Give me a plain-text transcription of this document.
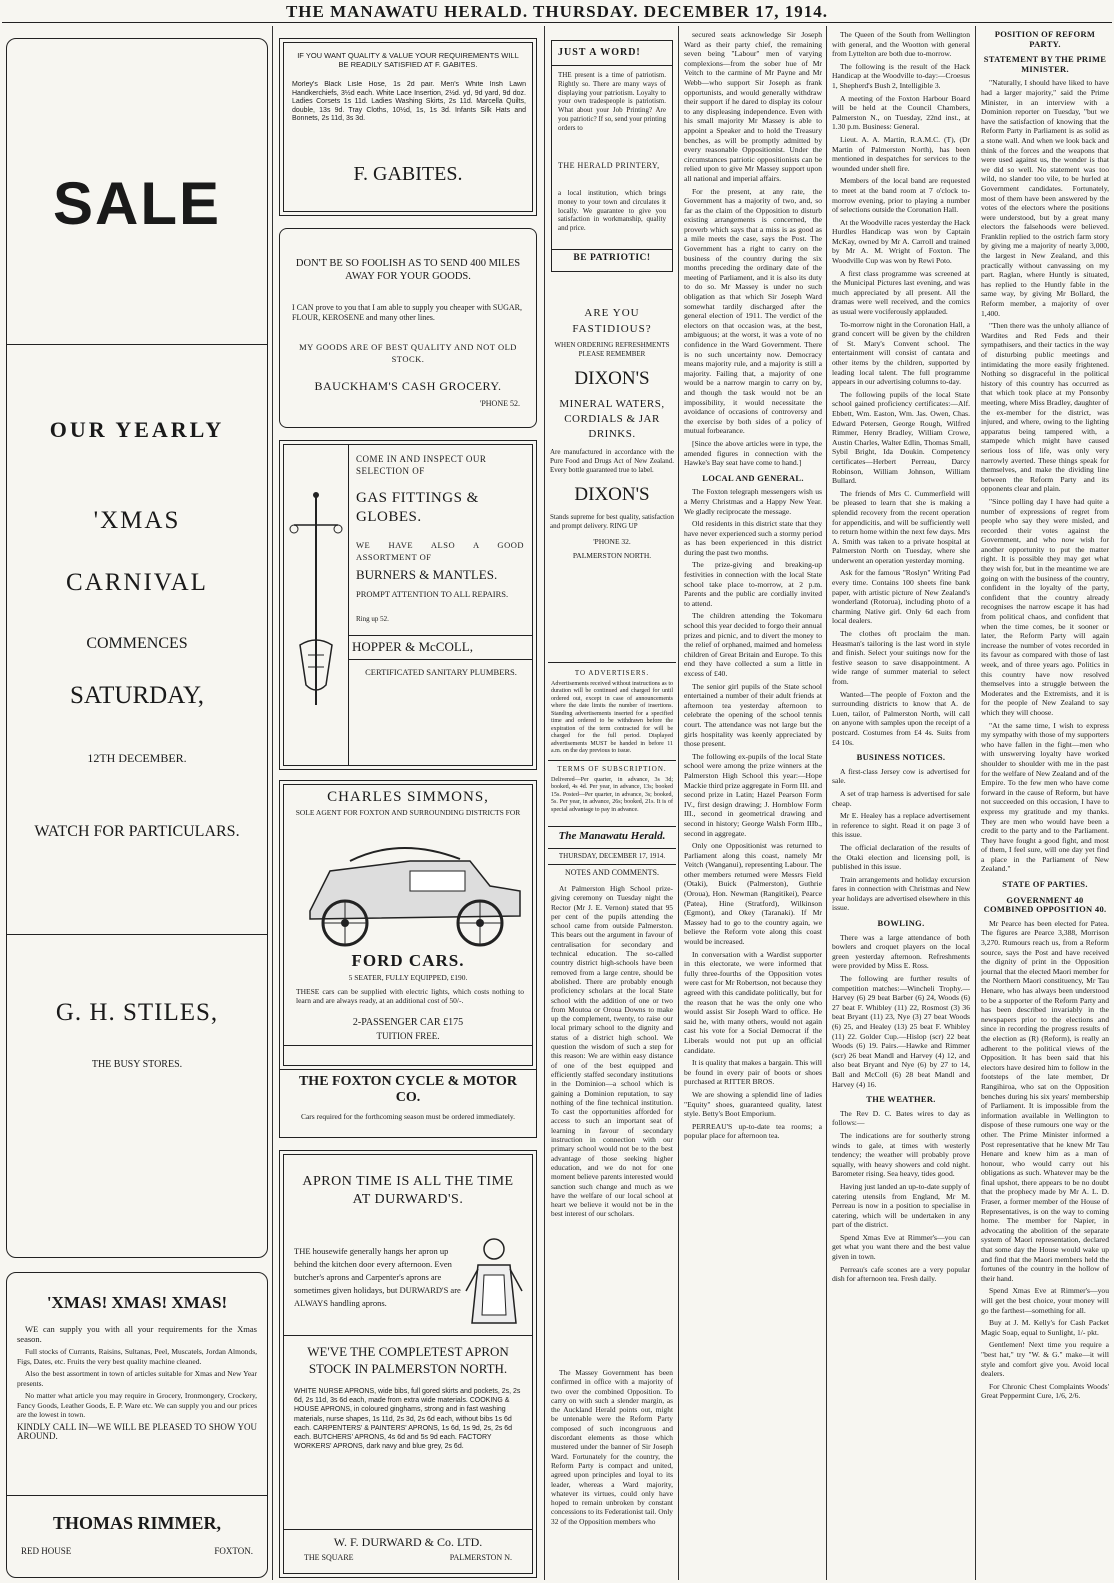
THE MANAWATU HERALD. THURSDAY. DECEMBER 17, 1914.
SALE
OUR YEARLY
'XMAS
CARNIVAL
COMMENCES
SATURDAY,
12TH DECEMBER.
WATCH FOR PARTICULARS.
G. H. STILES,
THE BUSY STORES.
'XMAS! XMAS! XMAS!

WE can supply you with all your requirements for the Xmas season.

Full stocks of Currants, Raisins, Sultanas, Peel, Muscatels, Jordan Almonds, Figs, Dates, etc. Fruits the very best quality machine cleaned.

Also the best assortment in town of articles suitable for Xmas and New Year presents.

No matter what article you may require in Grocery, Ironmongery, Crockery, Fancy Goods, Leather Goods, E. P. Ware etc. We can supply you and our prices are the lowest in town.

KINDLY CALL IN—WE WILL BE PLEASED TO SHOW YOU AROUND.

THOMAS RIMMER,
RED HOUSE	FOXTON.
IF YOU WANT QUALITY & VALUE YOUR REQUIREMENTS WILL BE READILY SATISFIED AT F. GABITES.
Morley's Black Lisle Hose, 1s 2d pair. Men's White Irish Lawn Handkerchiefs, 3½d each. White Lace Insertion, 2½d. yd, 9d yard, 9d doz. Ladies Corsets 1s 11d. Ladies Washing Skirts, 2s 11d. Marcella Quilts, double, 13s 9d. Tray Cloths, 10½d, 1s, 1s 3d. Infants Silk Hats and Bonnets, 2s 11d, 3s 3d.
F. GABITES.
DON'T BE SO FOOLISH AS TO SEND 400 MILES AWAY FOR YOUR GOODS.
I CAN prove to you that I am able to supply you cheaper with SUGAR, FLOUR, KEROSENE and many other lines.
MY GOODS ARE OF BEST QUALITY AND NOT OLD STOCK.
BAUCKHAM'S CASH GROCERY.
'PHONE 52.
COME IN AND INSPECT OUR SELECTION OF
GAS FITTINGS & GLOBES.
WE HAVE ALSO A GOOD ASSORTMENT OF
BURNERS & MANTLES.
PROMPT ATTENTION TO ALL REPAIRS.
Ring up 52.
HOPPER & McCOLL,
CERTIFICATED SANITARY PLUMBERS.
CHARLES SIMMONS,
SOLE AGENT FOR FOXTON AND SURROUNDING DISTRICTS FOR
FORD CARS.
5 SEATER, FULLY EQUIPPED, £190.
THESE cars can be supplied with electric lights, which costs nothing to learn and are always ready, at an additional cost of 50/-.
2-PASSENGER CAR £175
TUITION FREE.
THE FOXTON CYCLE & MOTOR CO.
Cars required for the forthcoming season must be ordered immediately.
APRON TIME IS ALL THE TIME AT DURWARD'S.
THE housewife generally hangs her apron up behind the kitchen door every afternoon. Even butcher's aprons and Carpenter's aprons are sometimes given holidays, but DURWARD'S are ALWAYS handling aprons.
WE'VE THE COMPLETEST APRON STOCK IN PALMERSTON NORTH.
WHITE NURSE APRONS, wide bibs, full gored skirts and pockets, 2s, 2s 6d, 2s 11d, 3s 6d each, made from extra wide materials. COOKING & HOUSE APRONS, in coloured ginghams, strong and in fast washing materials, nurse shapes, 1s 11d, 2s 3d, 2s 6d each, without bibs 1s 6d each. CARPENTERS' & PAINTERS' APRONS, 1s 6d, 1s 9d, 2s, 2s 6d each. BUTCHERS' APRONS, 4s 6d and 5s 9d each. FACTORY WORKERS' APRONS, dark navy and blue grey, 2s 6d.
W. F. DURWARD & Co. LTD.
THE SQUARE	PALMERSTON N.
JUST A WORD!
THE present is a time of patriotism. Rightly so. There are many ways of displaying your patriotism. Loyalty to your own tradespeople is patriotism. What about your Job Printing? Are you patriotic? If so, send your printing orders to
THE HERALD PRINTERY,
a local institution, which brings money to your town and circulates it locally. We guarantee to give you satisfaction in workmanship, quality and price.
BE PATRIOTIC!
ARE YOU FASTIDIOUS?
WHEN ORDERING REFRESHMENTS PLEASE REMEMBER
DIXON'S
MINERAL WATERS, CORDIALS & JAR DRINKS.
Are manufactured in accordance with the Pure Food and Drugs Act of New Zealand. Every bottle guaranteed true to label.
DIXON'S
Stands supreme for best quality, satisfaction and prompt delivery. RING UP
'PHONE 32.
PALMERSTON NORTH.
TO ADVERTISERS.
Advertisements received without instructions as to duration will be continued and charged for until ordered out, except in case of announcements where the date limits the number of insertions. Standing advertisements inserted for a specified time and ordered to be withdrawn before the expiration of the term contracted for will be charged for the full period. Displayed advertisements MUST be handed in before 11 a.m. on the day previous to issue.
TERMS OF SUBSCRIPTION.
Delivered—Per quarter, in advance, 3s 3d; booked, 4s 4d. Per year, in advance, 13s; booked 15s. Posted—Per quarter, in advance, 3s; booked, 5s. Per year, in advance, 26s; booked, 21s. It is of special advantage to pay in advance.
The Manawatu Herald.
THURSDAY, DECEMBER 17, 1914.
NOTES AND COMMENTS.

At Palmerston High School prize-giving ceremony on Tuesday night the Rector (Mr J. E. Vernon) stated that 95 per cent of the pupils attending the school came from outside Palmerston. This bears out the argument in favour of centralisation for secondary and technical education. The so-called country district high-schools have been removed from a large centre, should be abolished. There are probably enough proficiency scholars at the local State school with the addition of one or two from Moutoa or Oroua Downs to make up the complement, twenty, to raise our local primary school to the dignity and status of a district high school. We question the wisdom of such a step for this reason: We are within easy distance of one of the best equipped and efficiently staffed secondary institutions in the Dominion—a school which is gaining a Dominion reputation, to say nothing of the fine technical institution. To cast the opportunities afforded for access to such an important seat of learning in favour of secondary instruction in connection with our primary school would not be to the best advantage of those seeking higher education, and we do not for one moment believe parents interested would sanction such change and much as we have the welfare of our local school at heart we believe it would not be in the best interest of our scholars.

The Massey Government has been confirmed in office with a majority of two over the combined Opposition. To carry on with such a slender margin, as the Auckland Herald points out, might be untenable were the Reform Party composed of such incongruous and discordant elements as those which mustered under the banner of Sir Joseph Ward. Fortunately for the country, the Reform Party is compact and united, agreed upon principles and loyal to its leader, whereas a Ward majority, whatever its virtues, could only have hoped to remain unbroken by constant concessions to its Federationist tail. Only 32 of the Opposition members who

secured seats acknowledge Sir Joseph Ward as their party chief, the remaining seven being "Labour" men of varying complexions—from the sober hue of Mr Veitch to the carmine of Mr Payne and Mr Webb—who support Sir Joseph as frank opportunists, and would generally withdraw their support if he dared to display its colour to any displeasing independence. Even with his small majority Mr Massey is able to appoint a Speaker and to hold the Treasury benches, as will be promptly admitted by every reasonable Oppositionist. Under the circumstances patriotic oppositionists can be relied upon to give Mr Massey support upon all national and imperial affairs.

For the present, at any rate, the Government has a majority of two, and, so far as the claim of the Opposition to disturb existing arrangements is concerned, the proverb which says that a miss is as good as a mile meets the case, says the Post. The Government has a right to carry on the business of the country during the six months preceding the ordinary date of the meeting of Parliament, and it is also its duty to do so. Mr Massey is under no such obligation as that which Sir Joseph Ward somewhat tardily discharged after the general election of 1911. The verdict of the electors on that occasion was, at the best, ambiguous; at the worst, it was a vote of no confidence in the Ward Government. There is no such uncertainty now. Democracy means majority rule, and a majority is still a majority. Failing that, a majority of one would be a narrow margin to carry on by, and though the task would not be an impossibility, it would necessitate the avoidance of occasions of controversy and the exercise by both sides of a policy of mutual forbearance.

[Since the above articles were in type, the amended figures in connection with the Hawke's Bay seat have come to hand.]

LOCAL AND GENERAL.

The Foxton telegraph messengers wish us a Merry Christmas and a Happy New Year. We gladly reciprocate the message.

Old residents in this district state that they have never experienced such a stormy period as has been experienced in this district during the past two months.

The prize-giving and breaking-up festivities in connection with the local State school take place to-morrow, at 2 p.m. Parents and the public are cordially invited to attend.

The children attending the Tokomaru school this year decided to forgo their annual prizes and picnic, and to divert the money to the relief of orphaned, maimed and homeless children of Great Britain and Europe. To this end they have collected a sum a little in excess of £40.

The senior girl pupils of the State school entertained a number of their adult friends at afternoon tea yesterday afternoon to celebrate the opening of the school tennis court. The attendance was not large but the girls hospitality was keenly appreciated by those present.

The following ex-pupils of the local State school were among the prize winners at the Palmerston High School this year:—Hope Mackie third prize aggregate in Form III. and second prize in Latin; Hazel Pearson Form IV., first design drawing; J. Hornblow Form III., second in geometrical drawing and second in history; George Walsh Form IIIb., second in aggregate.

Only one Oppositionist was returned to Parliament along this coast, namely Mr Veitch (Wanganui), representing Labour. The other members returned were Messrs Field (Otaki), Buick (Palmerston), Guthrie (Oroua), Hon. Newman (Rangitikei), Pearce (Patea), Hine (Stratford), Wilkinson (Egmont), and Okey (Taranaki). If Mr Massey had to go to the country again, we believe the Reform vote along this coast would be increased.

In conversation with a Wardist supporter in this electorate, we were informed that fully three-fourths of the Opposition votes were cast for Mr Robertson, not because they agreed with this candidate politically, but for the reason that he was the only one who would assist Sir Joseph Ward to office. He said he, with many others, would not again cast his vote for a Social Democrat if the Liberals would not put up an official candidate.

It is quality that makes a bargain. This will be found in every pair of boots or shoes purchased at RITTER BROS.

We are showing a splendid line of ladies "Equity" shoes, guaranteed quality, latest style. Betty's Boot Emporium.

PERREAU'S up-to-date tea rooms; a popular place for afternoon tea.

The Queen of the South from Wellington with general, and the Wootton with general from Lyttelton are both due to-morrow.

The following is the result of the Hack Handicap at the Woodville to-day:—Croesus 1, Shepherd's Bush 2, Intelligible 3.

A meeting of the Foxton Harbour Board will be held at the Council Chambers, Palmerston N., on Tuesday, 22nd inst., at 1.30 p.m. Business: General.

Lieut. A. A. Martin, R.A.M.C. (T), (Dr Martin of Palmerston North), has been mentioned in despatches for services to the wounded under shell fire.

Members of the local band are requested to meet at the band room at 7 o'clock to-morrow evening, prior to playing a number of selections outside the Coronation Hall.

At the Woodville races yesterday the Hack Hurdles Handicap was won by Captain McKay, owned by Mr A. Carroll and trained by Mr A. M. Wright of Foxton. The Woodville Cup was won by Rewi Poto.

A first class programme was screened at the Municipal Pictures last evening, and was much appreciated by all present. All the dramas were well received, and the comics as usual were vociferously applauded.

To-morrow night in the Coronation Hall, a grand concert will be given by the children of St. Mary's Convent school. The entertainment will consist of cantata and other items by the children, supported by leading local talent. The full programme appears in our advertising columns to-day.

The following pupils of the local State school gained proficiency certificates:—Alf. Ebbett, Wm. Easton, Wm. Jas. Owen, Chas. Edward Petersen, George Rough, Wilfred Rimmer, Henry Bradley, William Crowe, Austin Charles, Walter Edlin, Thomas Small, Sybil Bright, Ida Doukin. Competency certificates—Herbert Perreau, Darcy Robinson, William Johnson, William Bullard.

The friends of Mrs C. Cummerfield will be pleased to learn that she is making a splendid recovery from the recent operation for appendicitis, and will be sufficiently well to return home within the next few days. Mrs A. Smith was taken to a private hospital at Palmerston North on Tuesday, where she underwent an operation yesterday morning.

Ask for the famous "Roslyn" Writing Pad every time. Contains 100 sheets fine bank paper, with artistic picture of New Zealand's wonderland (Rotorua), including photo of a charming Native girl. Only 6d each from local dealers.

The clothes oft proclaim the man. Heasman's tailoring is the last word in style and finish. Select your suitings now for the festive season to save disappointment. A wide range of summer material to select from.

Wanted—The people of Foxton and the surrounding districts to know that A. de Luen, tailor, of Palmerston North, will call on anyone with samples upon the receipt of a postcard. Costumes from £4 4s. Suits from £4 10s.

BUSINESS NOTICES.

A first-class Jersey cow is advertised for sale.

A set of trap harness is advertised for sale cheap.

Mr E. Healey has a replace advertisement in reference to sight. Read it on page 3 of this issue.

The official declaration of the results of the Otaki election and licensing poll, is published in this issue.

Train arrangements and holiday excursion fares in connection with Christmas and New year holidays are advertised elsewhere in this issue.

BOWLING.

There was a large attendance of both bowlers and croquet players on the local green yesterday afternoon. Refreshments were provided by Miss E. Ross.

The following are further results of competition matches:—Wincheli Trophy.—Harvey (6) 29 beat Barber (6) 24, Woods (6) 27 beat F. Whibley (11) 22, Rosmost (3) 36 beat Bryant (11) 23, Nye (3) 27 beat Woods (6) 25, and Healey (13) 25 beat F. Whibley (11) 22. Golder Cup.—Hislop (scr) 22 beat Woods (6) 19. Pairs.—Hawke and Rimmer (scr) 26 beat Mandl and Harvey (4) 12, and also beat Bryant and Nye (6) by 27 to 14, Ball and McColl (6) 28 beat Mandl and Harvey (4) 16.

THE WEATHER.

The Rev D. C. Bates wires to day as follows:—

The indications are for southerly strong winds to gale, at times with westerly tendency; the weather will probably prove squally, with heavy showers and cold night. Barometer rising. Sea heavy, tides good.

Having just landed an up-to-date supply of catering utensils from England, Mr M. Perreau is now in a position to specialise in catering, which will be undertaken in any part of the district.

Spend Xmas Eve at Rimmer's—you can get what you want there and the best value given in town.

Perreau's cafe scones are a very popular dish for afternoon tea. Fresh daily.

POSITION OF REFORM PARTY.
STATEMENT BY THE PRIME MINISTER.

"Naturally, I should have liked to have had a larger majority," said the Prime Minister, in an interview with a Dominion reporter on Tuesday, "but we have the satisfaction of knowing that the Reform Party in Parliament is as solid as a stone wall. And when we look back and think of the forces and the weapons that were used against us, the wonder is that we did so well. No statement was too wild, no slander too vile, to be hurled at Government candidates. Fortunately, most of them have been answered by the votes of the electors where the positions were understood, but by a great many electors the falsehoods were believed. Franklin replied to the ostrich farm story by giving me a majority of nearly 3,000, the largest in New Zealand, and this practically without canvassing on my part. Raglan, where Huntly is situated, has replied to the Huntly fable in the same way, by giving Mr Bollard, the Reform member, a majority of over 1,400.

"Then there was the unholy alliance of Wardites and Red Feds and their sympathisers, and their tactics in the way of disturbing public meetings and intimidating the more easily frightened. Nothing so disgraceful in the political history of this country has occurred as that which took place at my Ponsonby meeting, where Miss Bradley, daughter of the ex-member for the district, was injured, and where, owing to the lighting apparatus being tampered with, a stampede which might have caused serious loss of life, was only very narrowly averted. These things speak for themselves, and make the dividing line between the Reform Party and its opponents clear and plain.

"Since polling day I have had quite a number of expressions of regret from people who say they were misled, and recorded their votes against the Government, and who now wish for another opportunity to put the matter right. It is possible they may get what they wish for, but in the meantime we are going on with the business of the country, confident in the loyalty of the party, confident that the country already recognises the narrow escape it has had from political chaos, and confident that when the time comes, be it sooner or later, the Reform Party will again increase the number of votes recorded in its favour as compared with those of last week, and of three years ago. Politics in this country have now resolved themselves into a struggle between the Moderates and the Extremists, and it is for the people of New Zealand to say which they will choose.

"At the same time, I wish to express my sympathy with those of my supporters who have fallen in the fight—men who with unswerving loyalty have worked shoulder to shoulder with me in the past for the welfare of New Zealand and of the Empire. To the few men who have come forward in the cause of Reform, but have not succeeded on this occasion, I have to express my gratitude and my thanks. They are men who would have been a credit to the party and to the Parliament. They have fought a good fight, and most of them, I feel sure, will one day yet find a place in the Parliament of New Zealand."

STATE OF PARTIES.
GOVERNMENT 40 COMBINED OPPOSITION 40.

Mr Pearce has been elected for Patea. The figures are Pearce 3,388, Morrison 3,270. Rumours reach us, from a Reform source, says the Post and have received the dignity of print in the Opposition journal that the elected Maori member for the Northern Maori constituency, Mr Tau Henare, who has always been understood to be a supporter of the Reform Party and has been described invariably in the newspapers prior to the elections and since in recording the progress results of the election as (R) (Reform), is really an adherent to the political views of the Opposition. It has been said that his electors have desired him to follow in the footsteps of the late member, Dr Rangihiroa, who sat on the Opposition benches during his six years' membership of Parliament. It is impossible from the information available in Wellington to dispose of these rumours one way or the other. The Prime Minister informed a Post representative that he knew Mr Tau Henare and knew him as a man of honour, who would carry out his obligations as such. Whatever may be the final upshot, there appears to be no doubt that the prophecy made by Mr A. L. D. Fraser, a former member of the House of Representatives, is on the way to coming home. The member for Napier, in advocating the abolition of the separate system of Maori representation, declared that some day the House would wake up and find that the Maori members held the fortunes of the country in the hollow of their hand.

Spend Xmas Eve at Rimmer's—you will get the best choice, your money will go the farthest—something for all.

Buy at J. M. Kelly's for Cash Packet Magic Soap, equal to Sunlight, 1/- pkt.

Gentlemen! Next time you require a "best hat," try "W. & G." make—it will style and comfort give you. Avoid local dealers.

For Chronic Chest Complaints Woods' Great Peppermint Cure, 1/6, 2/6.
